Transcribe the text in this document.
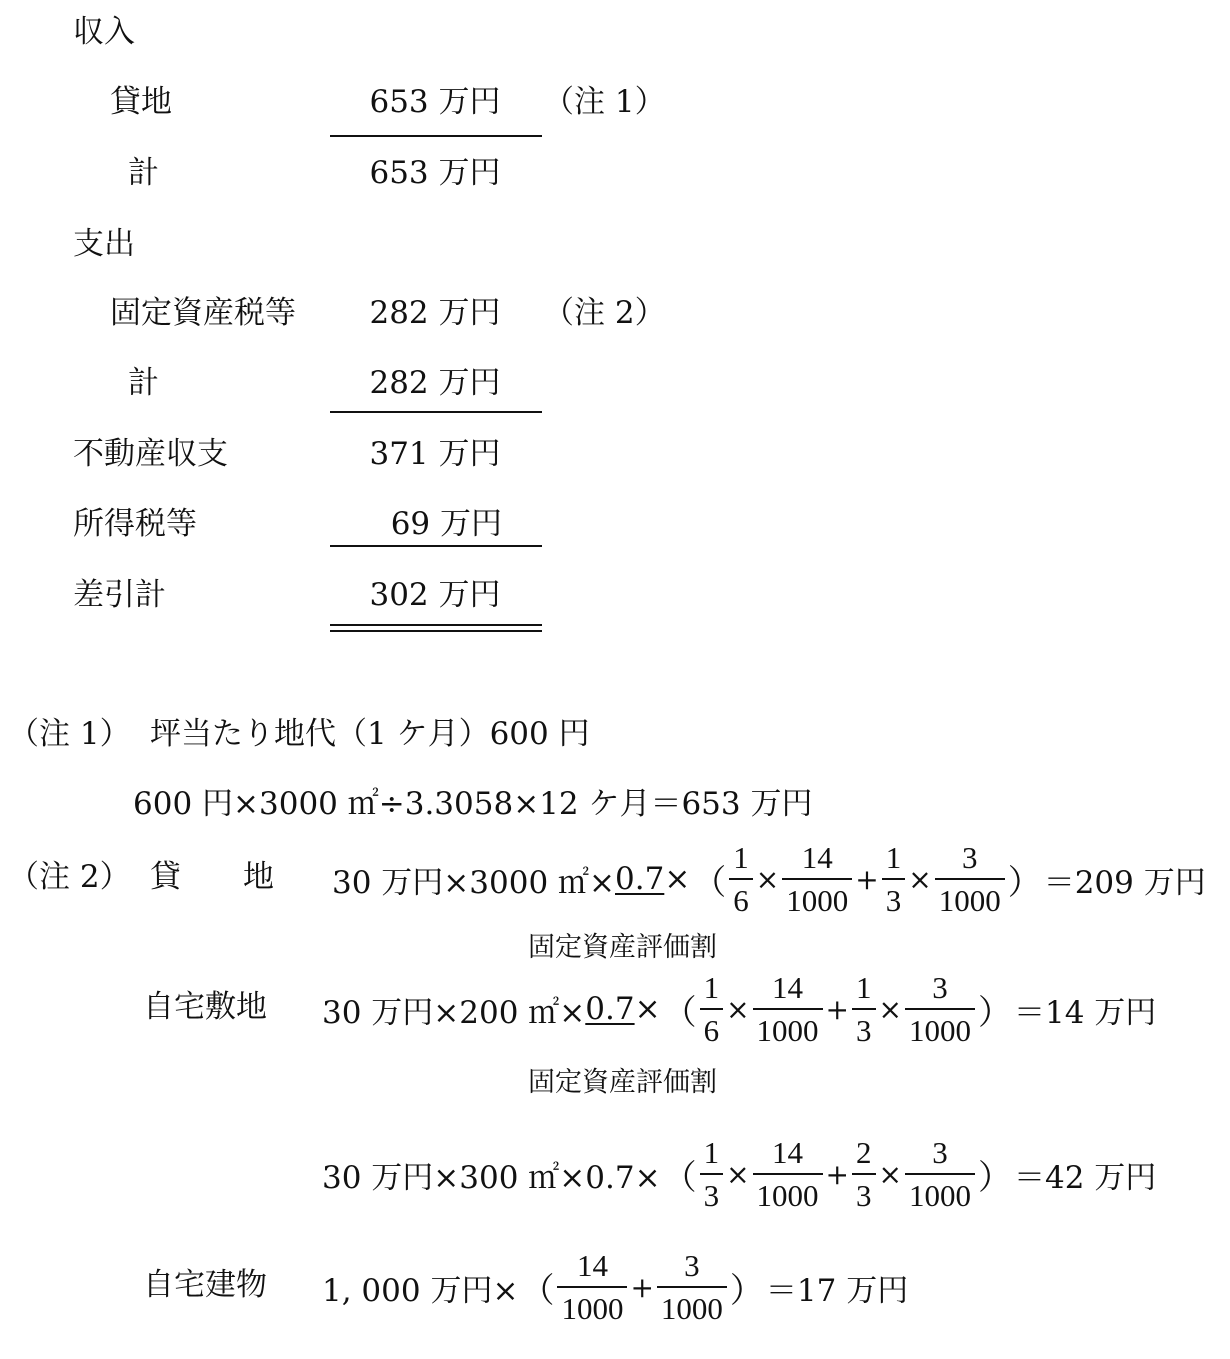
収入
貸地	653 万円	（注 1）
計	653 万円
支出
固定資産税等	282 万円	（注 2）
計	282 万円
不動産収支	371 万円
所得税等	69 万円
差引計	302 万円
（注 1） 坪当たり地代（1 ケ月）600 円
600 円×3000 ㎡÷3.3058×12 ケ月＝653 万円
（注 2） 貸　　地 30 万円×3000 ㎡× 0.7 × （ $\frac{1}{6} \times \frac{14}{1000} + \frac{1}{3} \times \frac{3}{1000}$ ） ＝209 万円
固定資産評価割
自宅敷地 30 万円×200 ㎡× 0.7 × （ $\frac{1}{6} \times \frac{14}{1000} + \frac{1}{3} \times \frac{3}{1000}$ ） ＝14 万円
固定資産評価割
30 万円×300 ㎡×0.7× （ $\frac{1}{3} \times \frac{14}{1000} + \frac{2}{3} \times \frac{3}{1000}$ ） ＝42 万円
自宅建物 1, 000 万円× （ $\frac{14}{1000} + \frac{3}{1000}$ ） ＝17 万円
